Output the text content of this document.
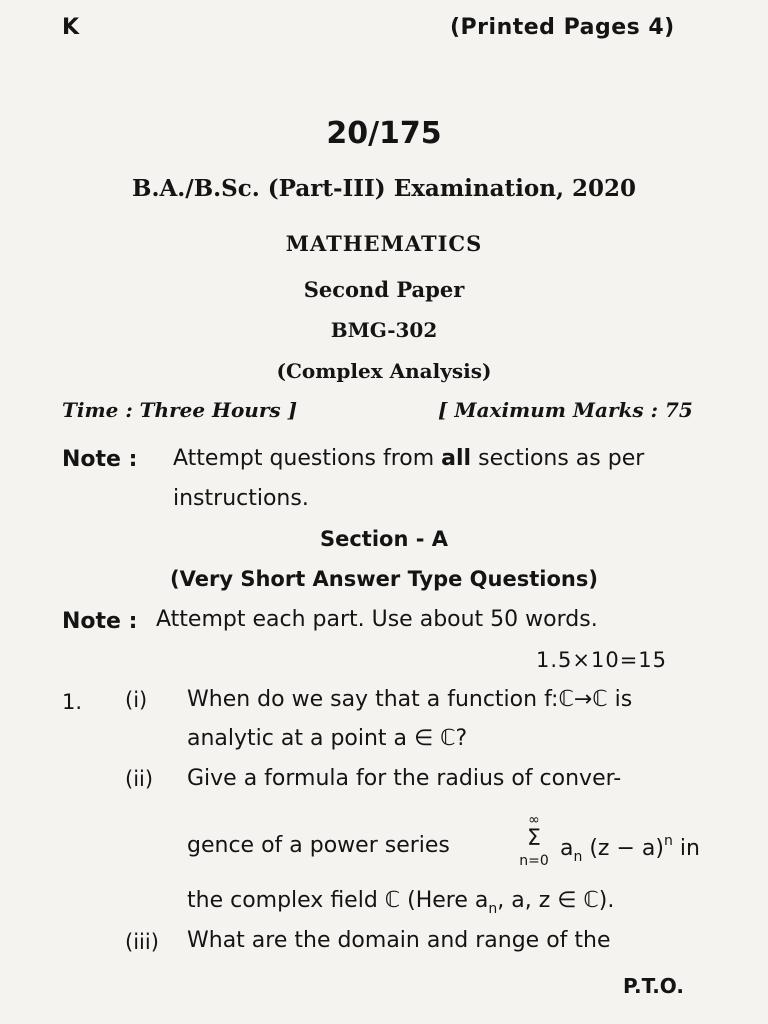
K	(Printed Pages 4)
20/175
B.A./B.Sc. (Part-III) Examination, 2020
MATHEMATICS
Second Paper
BMG-302
(Complex Analysis)
Time : Three Hours ]	[ Maximum Marks : 75
Note : Attempt questions from all sections as per
instructions.
Section - A
(Very Short Answer Type Questions)
Note : Attempt each part. Use about 50 words.
1.5×10=15
1. (i) When do we say that a function f:ℂ→ℂ is
analytic at a point a ∈ ℂ?
(ii) Give a formula for the radius of conver-
gence of a power series
∞
Σ
n=0 $a_n$ $(z - a)^n$ in
the complex field ℂ (Here $a_n$, a, z ∈ ℂ).
(iii) What are the domain and range of the
P.T.O.
